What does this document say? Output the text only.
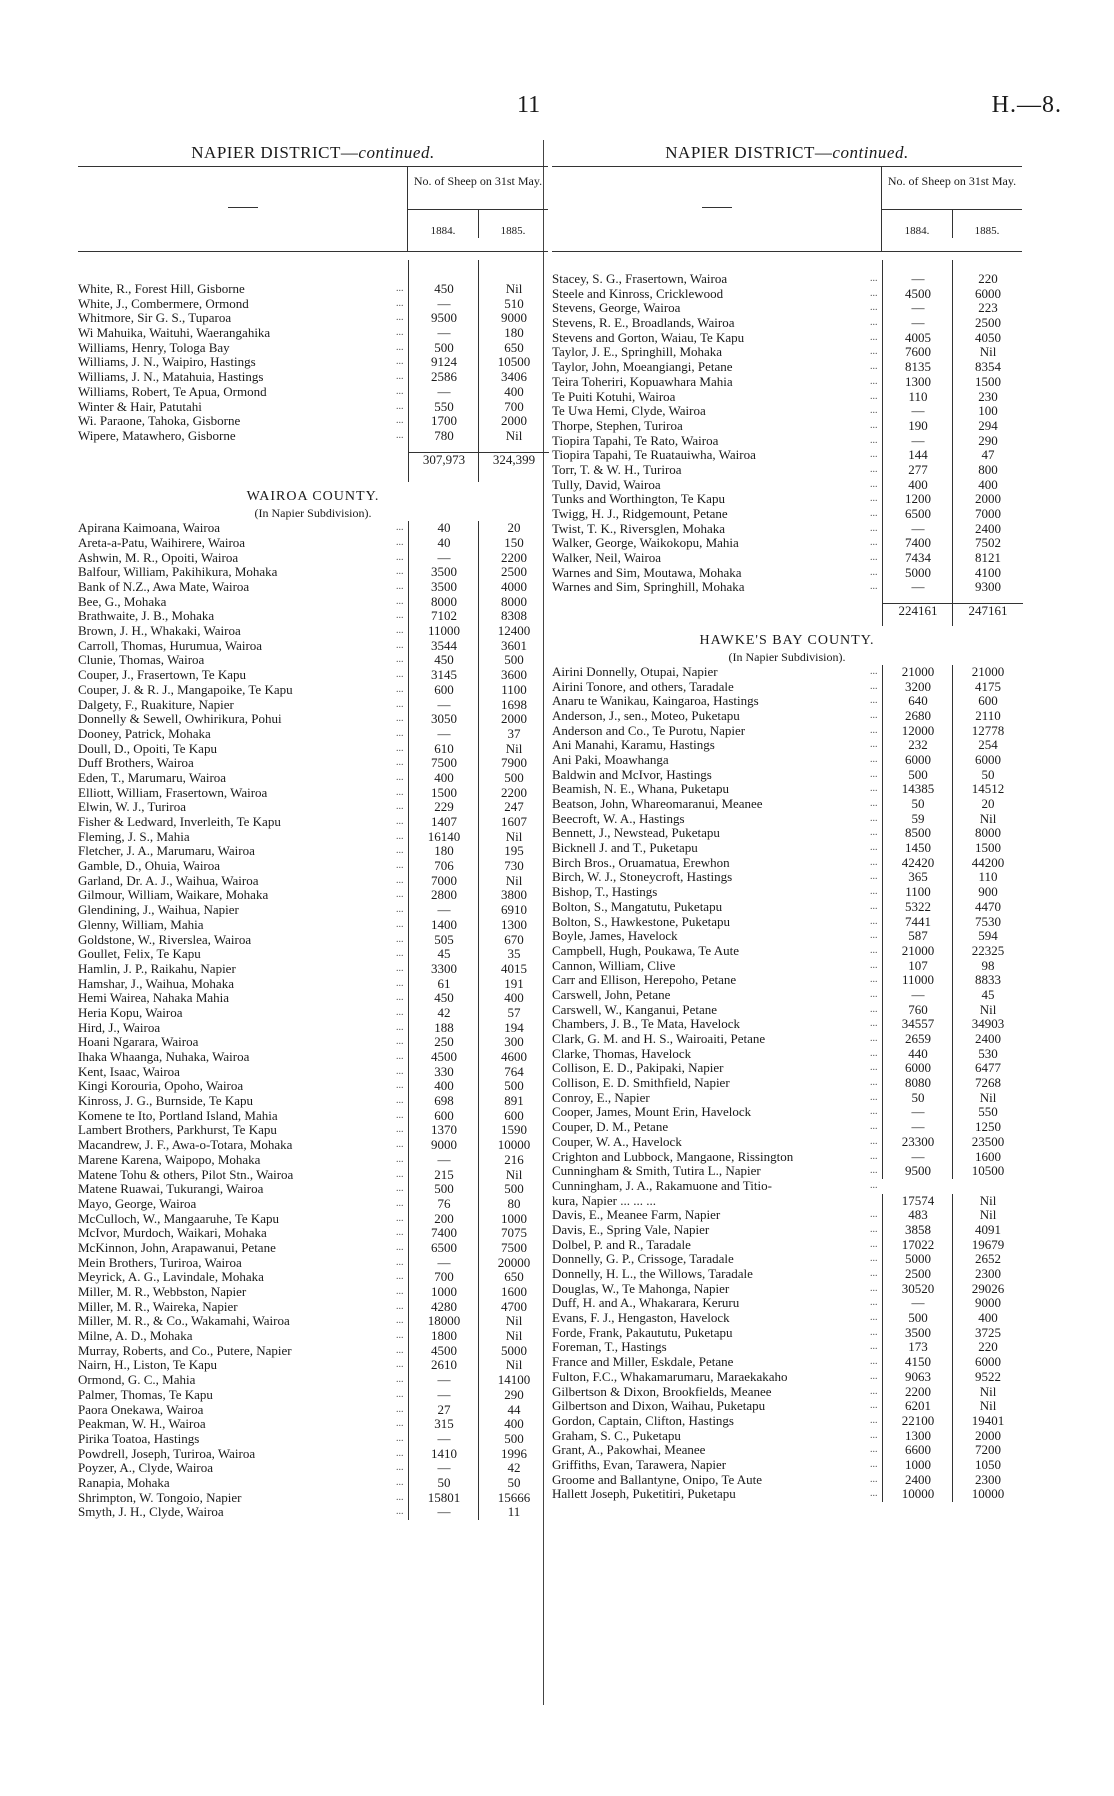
11	H.—8.
NAPIER DISTRICT—continued.
No. of Sheep on 31st May.
1884.	1885.
White, R., Forest Hill, Gisborne	...	450	Nil
White, J., Combermere, Ormond	...	—	510
Whitmore, Sir G. S., Tuparoa	...	9500	9000
Wi Mahuika, Waituhi, Waerangahika	...	—	180
Williams, Henry, Tologa Bay	...	500	650
Williams, J. N., Waipiro, Hastings	...	9124	10500
Williams, J. N., Matahuia, Hastings	...	2586	3406
Williams, Robert, Te Apua, Ormond	...	—	400
Winter & Hair, Patutahi	...	550	700
Wi. Paraone, Tahoka, Gisborne	...	1700	2000
Wipere, Matawhero, Gisborne	...	780	Nil
307,973	324,399
WAIROA COUNTY.
(In Napier Subdivision).
Apirana Kaimoana, Wairoa	...	40	20
Areta-a-Patu, Waihirere, Wairoa	...	40	150
Ashwin, M. R., Opoiti, Wairoa	...	—	2200
Balfour, William, Pakihikura, Mohaka	...	3500	2500
Bank of N.Z., Awa Mate, Wairoa	...	3500	4000
Bee, G., Mohaka	...	8000	8000
Brathwaite, J. B., Mohaka	...	7102	8308
Brown, J. H., Whakaki, Wairoa	...	11000	12400
Carroll, Thomas, Hurumua, Wairoa	...	3544	3601
Clunie, Thomas, Wairoa	...	450	500
Couper, J., Frasertown, Te Kapu	...	3145	3600
Couper, J. & R. J., Mangapoike, Te Kapu	...	600	1100
Dalgety, F., Ruakiture, Napier	...	—	1698
Donnelly & Sewell, Owhirikura, Pohui	...	3050	2000
Dooney, Patrick, Mohaka	...	—	37
Doull, D., Opoiti, Te Kapu	...	610	Nil
Duff Brothers, Wairoa	...	7500	7900
Eden, T., Marumaru, Wairoa	...	400	500
Elliott, William, Frasertown, Wairoa	...	1500	2200
Elwin, W. J., Turiroa	...	229	247
Fisher & Ledward, Inverleith, Te Kapu	...	1407	1607
Fleming, J. S., Mahia	...	16140	Nil
Fletcher, J. A., Marumaru, Wairoa	...	180	195
Gamble, D., Ohuia, Wairoa	...	706	730
Garland, Dr. A. J., Waihua, Wairoa	...	7000	Nil
Gilmour, William, Waikare, Mohaka	...	2800	3800
Glendining, J., Waihua, Napier	...	—	6910
Glenny, William, Mahia	...	1400	1300
Goldstone, W., Riverslea, Wairoa	...	505	670
Goullet, Felix, Te Kapu	...	45	35
Hamlin, J. P., Raikahu, Napier	...	3300	4015
Hamshar, J., Waihua, Mohaka	...	61	191
Hemi Wairea, Nahaka Mahia	...	450	400
Heria Kopu, Wairoa	...	42	57
Hird, J., Wairoa	...	188	194
Hoani Ngarara, Wairoa	...	250	300
Ihaka Whaanga, Nuhaka, Wairoa	...	4500	4600
Kent, Isaac, Wairoa	...	330	764
Kingi Korouria, Opoho, Wairoa	...	400	500
Kinross, J. G., Burnside, Te Kapu	...	698	891
Komene te Ito, Portland Island, Mahia	...	600	600
Lambert Brothers, Parkhurst, Te Kapu	...	1370	1590
Macandrew, J. F., Awa-o-Totara, Mohaka	...	9000	10000
Marene Karena, Waipopo, Mohaka	...	—	216
Matene Tohu & others, Pilot Stn., Wairoa	...	215	Nil
Matene Ruawai, Tukurangi, Wairoa	...	500	500
Mayo, George, Wairoa	...	76	80
McCulloch, W., Mangaaruhe, Te Kapu	...	200	1000
McIvor, Murdoch, Waikari, Mohaka	...	7400	7075
McKinnon, John, Arapawanui, Petane	...	6500	7500
Mein Brothers, Turiroa, Wairoa	...	—	20000
Meyrick, A. G., Lavindale, Mohaka	...	700	650
Miller, M. R., Webbston, Napier	...	1000	1600
Miller, M. R., Waireka, Napier	...	4280	4700
Miller, M. R., & Co., Wakamahi, Wairoa	...	18000	Nil
Milne, A. D., Mohaka	...	1800	Nil
Murray, Roberts, and Co., Putere, Napier	...	4500	5000
Nairn, H., Liston, Te Kapu	...	2610	Nil
Ormond, G. C., Mahia	...	—	14100
Palmer, Thomas, Te Kapu	...	—	290
Paora Onekawa, Wairoa	...	27	44
Peakman, W. H., Wairoa	...	315	400
Pirika Toatoa, Hastings	...	—	500
Powdrell, Joseph, Turiroa, Wairoa	...	1410	1996
Poyzer, A., Clyde, Wairoa	...	—	42
Ranapia, Mohaka	...	50	50
Shrimpton, W. Tongoio, Napier	...	15801	15666
Smyth, J. H., Clyde, Wairoa	...	—	11
NAPIER DISTRICT—continued.
No. of Sheep on 31st May.
1884.	1885.
Stacey, S. G., Frasertown, Wairoa	...	—	220
Steele and Kinross, Cricklewood	...	4500	6000
Stevens, George, Wairoa	...	—	223
Stevens, R. E., Broadlands, Wairoa	...	—	2500
Stevens and Gorton, Waiau, Te Kapu	...	4005	4050
Taylor, J. E., Springhill, Mohaka	...	7600	Nil
Taylor, John, Moeangiangi, Petane	...	8135	8354
Teira Toheriri, Kopuawhara Mahia	...	1300	1500
Te Puiti Kotuhi, Wairoa	...	110	230
Te Uwa Hemi, Clyde, Wairoa	...	—	100
Thorpe, Stephen, Turiroa	...	190	294
Tiopira Tapahi, Te Rato, Wairoa	...	—	290
Tiopira Tapahi, Te Ruatauiwha, Wairoa	...	144	47
Torr, T. & W. H., Turiroa	...	277	800
Tully, David, Wairoa	...	400	400
Tunks and Worthington, Te Kapu	...	1200	2000
Twigg, H. J., Ridgemount, Petane	...	6500	7000
Twist, T. K., Riversglen, Mohaka	...	—	2400
Walker, George, Waikokopu, Mahia	...	7400	7502
Walker, Neil, Wairoa	...	7434	8121
Warnes and Sim, Moutawa, Mohaka	...	5000	4100
Warnes and Sim, Springhill, Mohaka	...	—	9300
224161	247161
HAWKE'S BAY COUNTY.
(In Napier Subdivision).
Airini Donnelly, Otupai, Napier	...	21000	21000
Airini Tonore, and others, Taradale	...	3200	4175
Anaru te Wanikau, Kaingaroa, Hastings	...	640	600
Anderson, J., sen., Moteo, Puketapu	...	2680	2110
Anderson and Co., Te Purotu, Napier	...	12000	12778
Ani Manahi, Karamu, Hastings	...	232	254
Ani Paki, Moawhanga	...	6000	6000
Baldwin and McIvor, Hastings	...	500	50
Beamish, N. E., Whana, Puketapu	...	14385	14512
Beatson, John, Whareomaranui, Meanee	...	50	20
Beecroft, W. A., Hastings	...	59	Nil
Bennett, J., Newstead, Puketapu	...	8500	8000
Bicknell J. and T., Puketapu	...	1450	1500
Birch Bros., Oruamatua, Erewhon	...	42420	44200
Birch, W. J., Stoneycroft, Hastings	...	365	110
Bishop, T., Hastings	...	1100	900
Bolton, S., Mangatutu, Puketapu	...	5322	4470
Bolton, S., Hawkestone, Puketapu	...	7441	7530
Boyle, James, Havelock	...	587	594
Campbell, Hugh, Poukawa, Te Aute	...	21000	22325
Cannon, William, Clive	...	107	98
Carr and Ellison, Herepoho, Petane	...	11000	8833
Carswell, John, Petane	...	—	45
Carswell, W., Kanganui, Petane	...	760	Nil
Chambers, J. B., Te Mata, Havelock	...	34557	34903
Clark, G. M. and H. S., Wairoaiti, Petane	...	2659	2400
Clarke, Thomas, Havelock	...	440	530
Collison, E. D., Pakipaki, Napier	...	6000	6477
Collison, E. D. Smithfield, Napier	...	8080	7268
Conroy, E., Napier	...	50	Nil
Cooper, James, Mount Erin, Havelock	...	—	550
Couper, D. M., Petane	...	—	1250
Couper, W. A., Havelock	...	23300	23500
Crighton and Lubbock, Mangaone, Rissington	...	—	1600
Cunningham & Smith, Tutira L., Napier	...	9500	10500
Cunningham, J. A., Rakamuone and Titio-	...
kura, Napier ... ... ...	17574	Nil
Davis, E., Meanee Farm, Napier	...	483	Nil
Davis, E., Spring Vale, Napier	...	3858	4091
Dolbel, P. and R., Taradale	...	17022	19679
Donnelly, G. P., Crissoge, Taradale	...	5000	2652
Donnelly, H. L., the Willows, Taradale	...	2500	2300
Douglas, W., Te Mahonga, Napier	...	30520	29026
Duff, H. and A., Whakarara, Keruru	...	—	9000
Evans, F. J., Hengaston, Havelock	...	500	400
Forde, Frank, Pakaututu, Puketapu	...	3500	3725
Foreman, T., Hastings	...	173	220
France and Miller, Eskdale, Petane	...	4150	6000
Fulton, F.C., Whakamarumaru, Maraekakaho	...	9063	9522
Gilbertson & Dixon, Brookfields, Meanee	...	2200	Nil
Gilbertson and Dixon, Waihau, Puketapu	...	6201	Nil
Gordon, Captain, Clifton, Hastings	...	22100	19401
Graham, S. C., Puketapu	...	1300	2000
Grant, A., Pakowhai, Meanee	...	6600	7200
Griffiths, Evan, Tarawera, Napier	...	1000	1050
Groome and Ballantyne, Onipo, Te Aute	...	2400	2300
Hallett Joseph, Puketitiri, Puketapu	...	10000	10000
